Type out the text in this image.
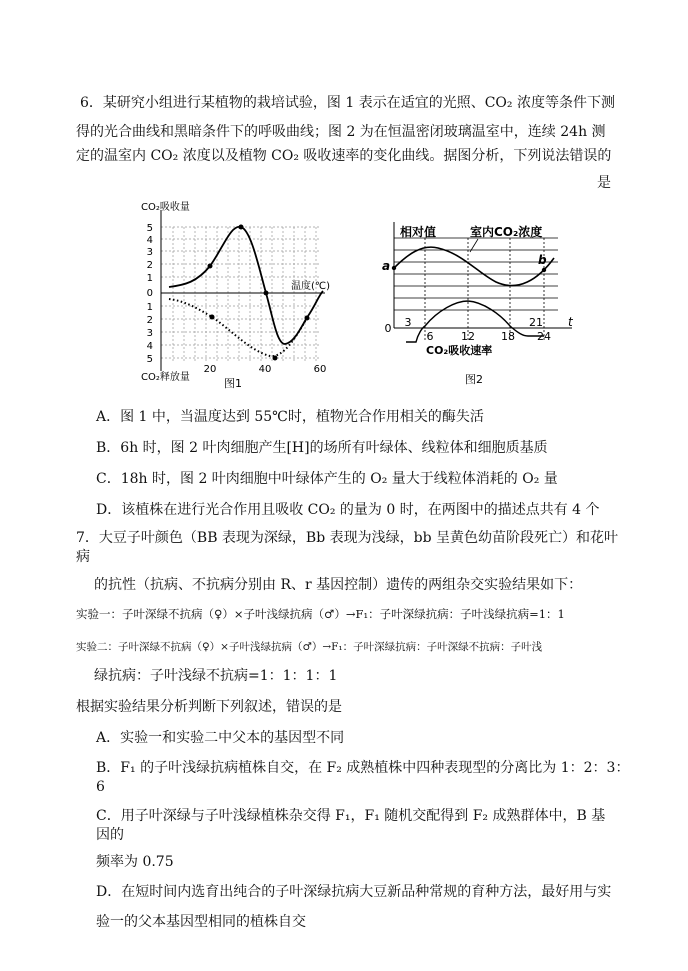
6．某研究小组进行某植物的栽培试验，图 1 表示在适宜的光照、CO₂ 浓度等条件下测
得的光合曲线和黑暗条件下的呼吸曲线；图 2 为在恒温密闭玻璃温室中，连续 24h 测
定的温室内 CO₂ 浓度以及植物 CO₂ 吸收速率的变化曲线。据图分析，下列说法错误的
是
CO₂吸收量
CO₂释放量
温度(℃)
5
4
3
2
1
0
1
2
3
4
5
20	40	60
图1
相对值	室内CO₂浓度
a	b
0 3
6	12 18
21
24
t
CO₂吸收速率
图2
A．图 1 中，当温度达到 55℃时，植物光合作用相关的酶失活
B．6h 时，图 2 叶肉细胞产生[H]的场所有叶绿体、线粒体和细胞质基质
C．18h 时，图 2 叶肉细胞中叶绿体产生的 O₂ 量大于线粒体消耗的 O₂ 量
D．该植株在进行光合作用且吸收 CO₂ 的量为 0 时，在两图中的描述点共有 4 个
7．大豆子叶颜色（BB 表现为深绿，Bb 表现为浅绿，bb 呈黄色幼苗阶段死亡）和花叶
病
的抗性（抗病、不抗病分别由 R、r 基因控制）遗传的两组杂交实验结果如下：
实验一：子叶深绿不抗病（♀）×子叶浅绿抗病（♂）→F₁：子叶深绿抗病：子叶浅绿抗病=1：1
实验二：子叶深绿不抗病（♀）×子叶浅绿抗病（♂）→F₁：子叶深绿抗病：子叶深绿不抗病：子叶浅
绿抗病：子叶浅绿不抗病=1：1：1：1
根据实验结果分析判断下列叙述，错误的是
A．实验一和实验二中父本的基因型不同
B．F₁ 的子叶浅绿抗病植株自交，在 F₂ 成熟植株中四种表现型的分离比为 1：2：3：
6
C．用子叶深绿与子叶浅绿植株杂交得 F₁，F₁ 随机交配得到 F₂ 成熟群体中，B 基
因的
频率为 0.75
D．在短时间内选育出纯合的子叶深绿抗病大豆新品种常规的育种方法，最好用与实
验一的父本基因型相同的植株自交
